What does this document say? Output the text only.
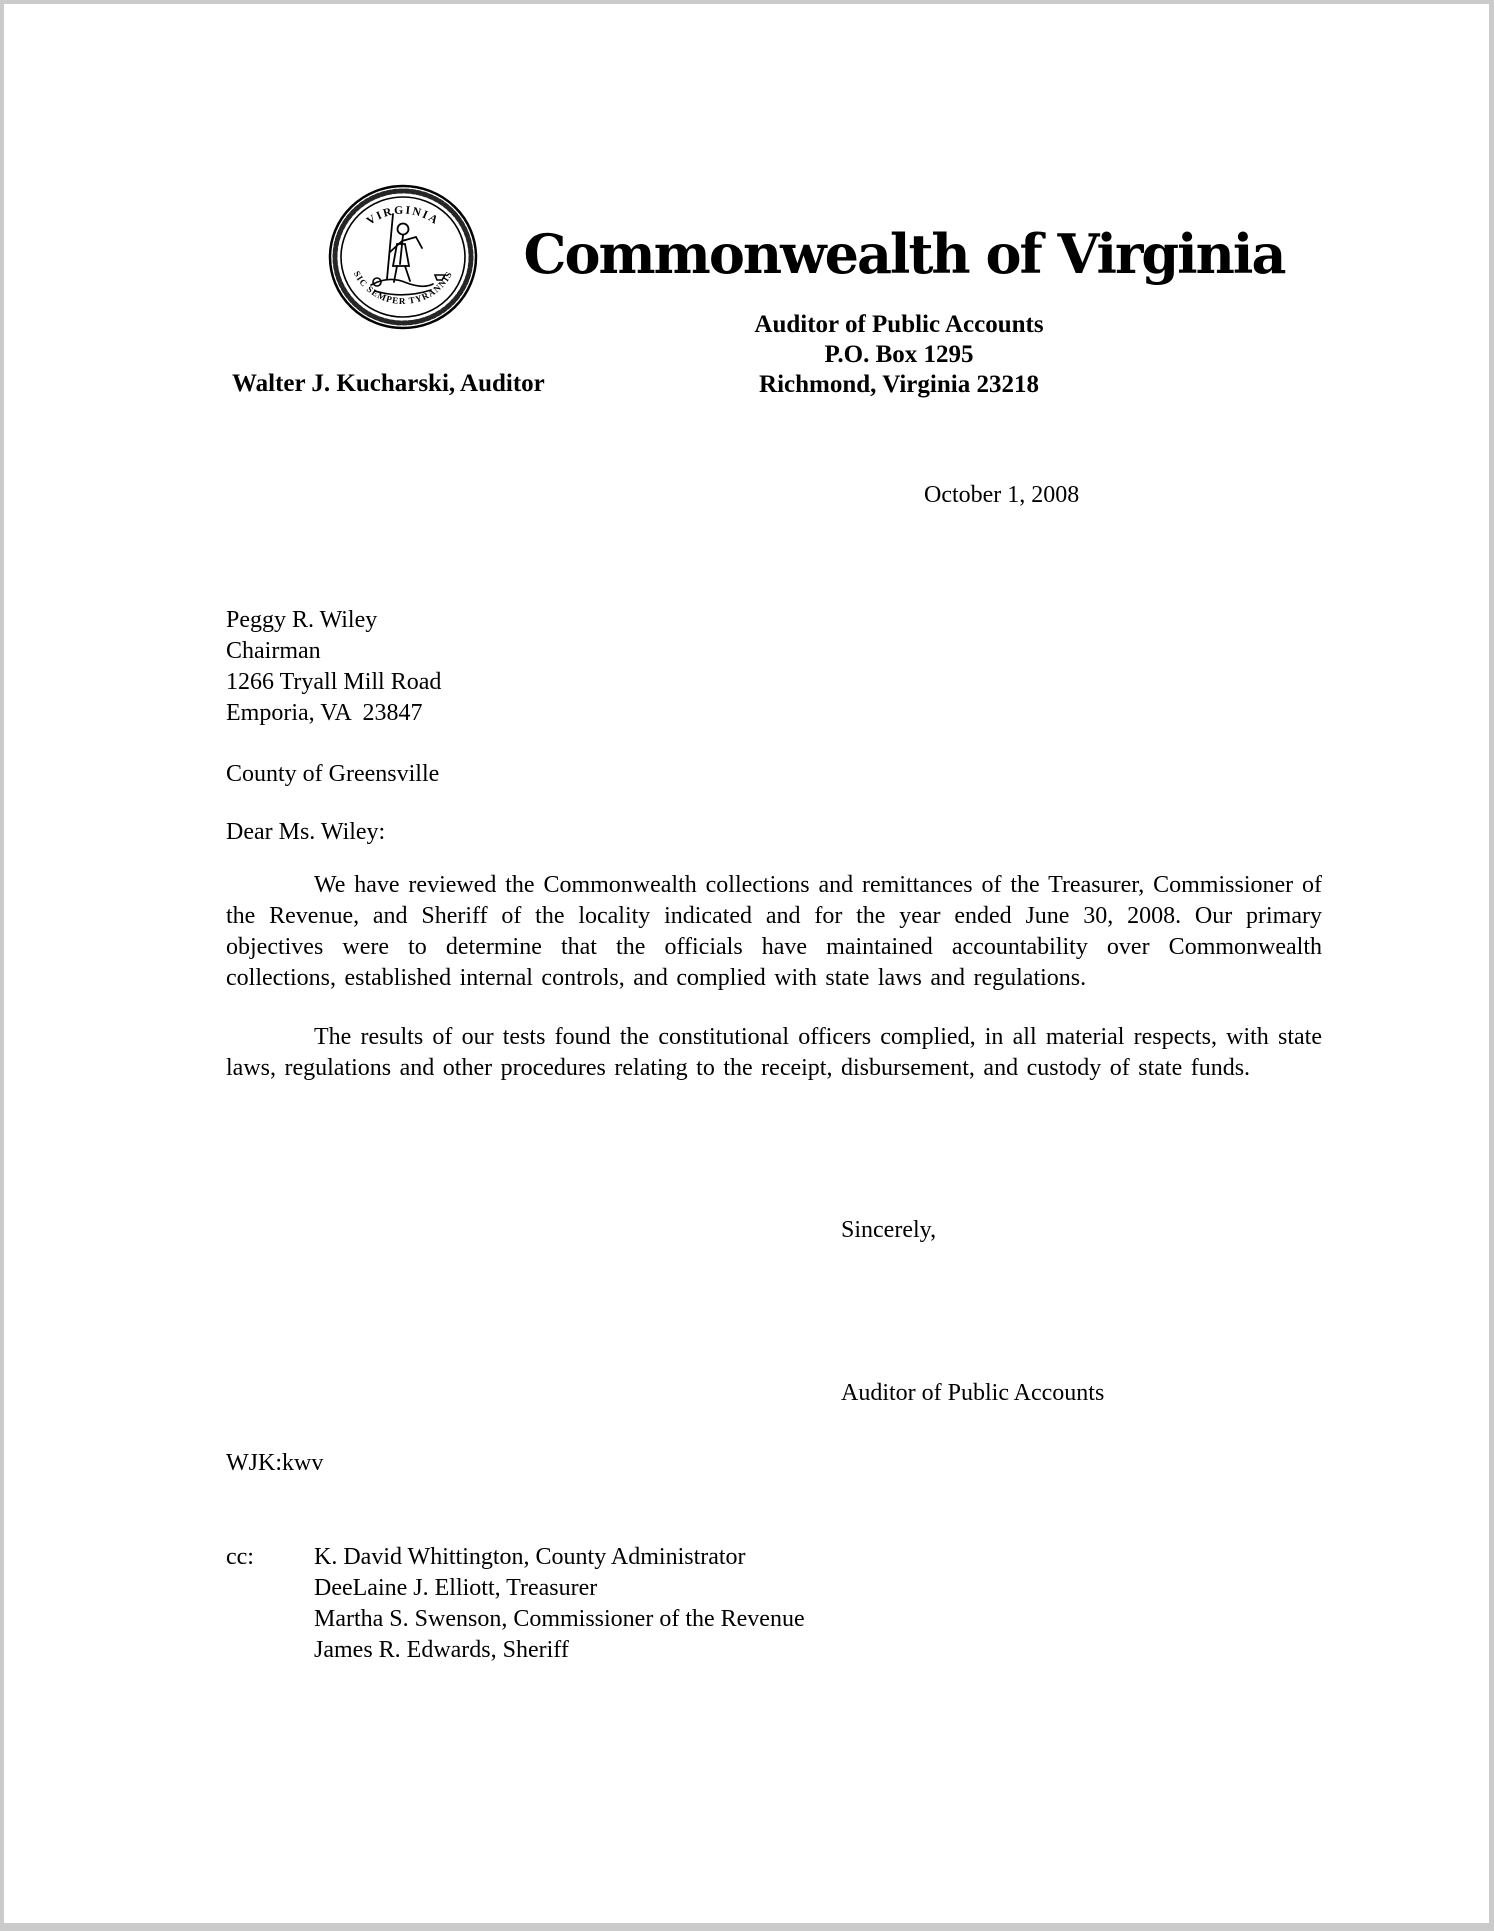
VIRGINIA
SIC SEMPER TYRANNIS	Commonwealth of Virginia
Auditor of Public Accounts
P.O. Box 1295
Richmond, Virginia 23218
Walter J. Kucharski, Auditor
October 1, 2008
Peggy R. Wiley
Chairman
1266 Tryall Mill Road
Emporia, VA  23847
County of Greensville
Dear Ms. Wiley:

We have reviewed the Commonwealth collections and remittances of the Treasurer, Commissioner of the Revenue, and Sheriff of the locality indicated and for the year ended June 30, 2008. Our primary objectives were to determine that the officials have maintained accountability over Commonwealth collections, established internal controls, and complied with state laws and regulations.

The results of our tests found the constitutional officers complied, in all material respects, with state laws, regulations and other procedures relating to the receipt, disbursement, and custody of state funds.

Sincerely,
Auditor of Public Accounts
WJK:kwv
cc:	K. David Whittington, County Administrator
DeeLaine J. Elliott, Treasurer
Martha S. Swenson, Commissioner of the Revenue
James R. Edwards, Sheriff
